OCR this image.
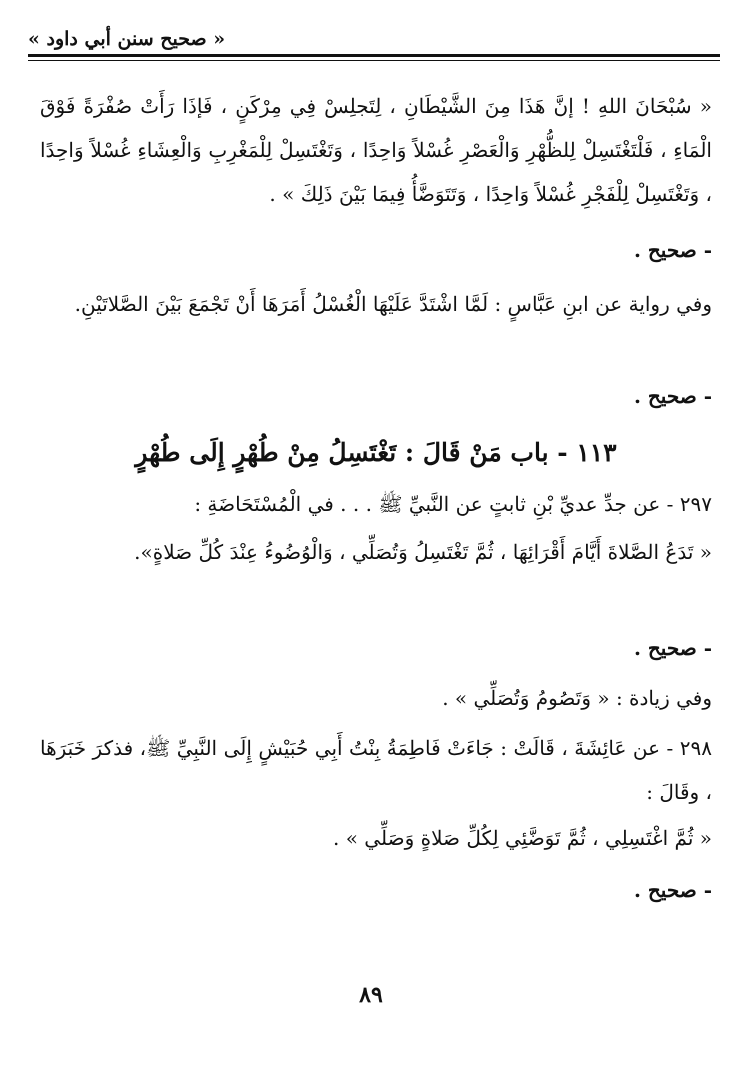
« صحيح سنن أبي داود »
« سُبْحَانَ اللهِ ! إنَّ هَذَا مِنَ الشَّيْطَانِ ، لِتَجلِسْ فِي مِرْكَنٍ ، فَإذَا رَأَتْ صُفْرَةً فَوْقَ الْمَاءِ ، فَلْتَغْتَسِلْ لِلظُّهْرِ وَالْعَصْرِ غُسْلاً وَاحِدًا ، وَتَغْتَسِلْ لِلْمَغْرِبِ وَالْعِشَاءِ غُسْلاً وَاحِدًا ، وَتَغْتَسِلْ لِلْفَجْرِ غُسْلاً وَاحِدًا ، وَتَتَوَضَّأُ فِيمَا بَيْنَ ذَلِكَ » .
- صحيح .
وفي رواية عن ابنِ عَبَّاسٍ : لَمَّا اشْتَدَّ عَلَيْهَا الْغُسْلُ أَمَرَهَا أَنْ تَجْمَعَ بَيْنَ الصَّلاتَيْنِ.
- صحيح .
١١٣ - باب مَنْ قَالَ : تَغْتَسِلُ مِنْ طُهْرٍ إِلَى طُهْرٍ
٢٩٧ - عن جدِّ عديِّ بْنِ ثابتٍ عن النَّبيِّ ﷺ . . . في الْمُسْتَحَاضَةِ :
« تَدَعُ الصَّلاةَ أَيَّامَ أَقْرَائِهَا ، ثُمَّ تَغْتَسِلُ وَتُصَلِّي ، وَالْوُضُوءُ عِنْدَ كُلِّ صَلاةٍ».
- صحيح .
وفي زيادة : « وَتَصُومُ وَتُصَلِّي » .
٢٩٨ - عن عَائِشَةَ ، قَالَتْ : جَاءَتْ فَاطِمَةُ بِنْتُ أَبِي حُبَيْشٍ إِلَى النَّبِيِّ ﷺ، فذكرَ خَبَرَهَا ، وقَالَ :
« ثُمَّ اغْتَسِلِي ، ثُمَّ تَوَضَّئِي لِكُلِّ صَلاةٍ وَصَلِّي » .
- صحيح .
٨٩
